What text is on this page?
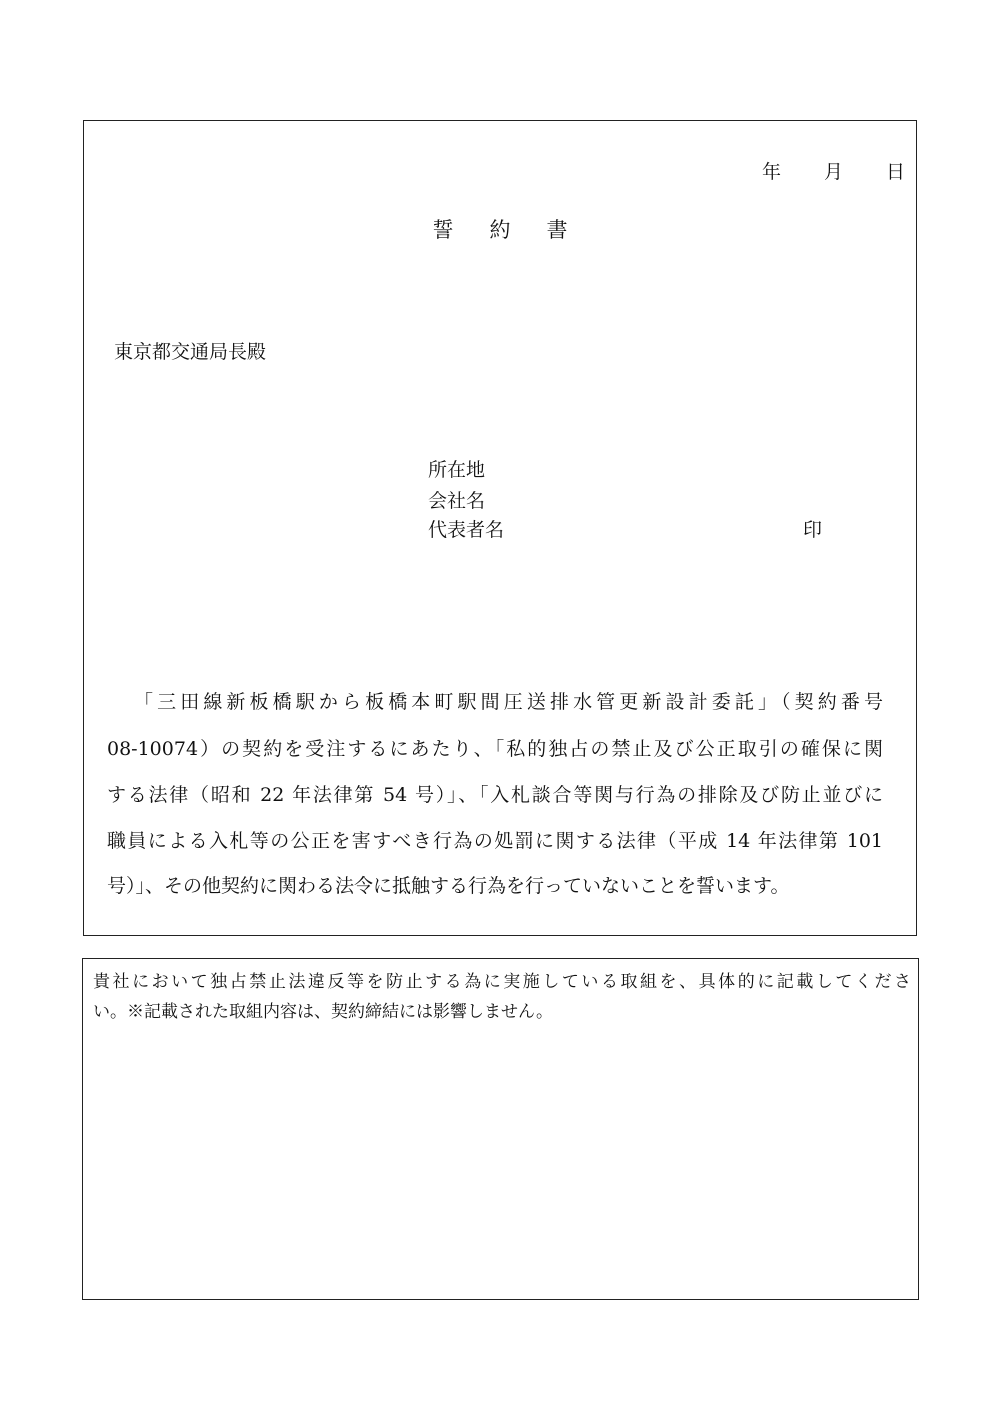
年 月 日
誓約書
東京都交通局長殿
所在地
会社名
代表者名	印
「三田線新板橋駅から板橋本町駅間圧送排水管更新設計委託」（契約番号
08-10074）の契約を受注するにあたり、「私的独占の禁止及び公正取引の確保に関
する法律（昭和 22 年法律第 54 号）」、「入札談合等関与行為の排除及び防止並びに
職員による入札等の公正を害すべき行為の処罰に関する法律（平成 14 年法律第 101
号）」、その他契約に関わる法令に抵触する行為を行っていないことを誓います。
貴社において独占禁止法違反等を防止する為に実施している取組を、具体的に記載してくださ
い。※記載された取組内容は、契約締結には影響しません。
